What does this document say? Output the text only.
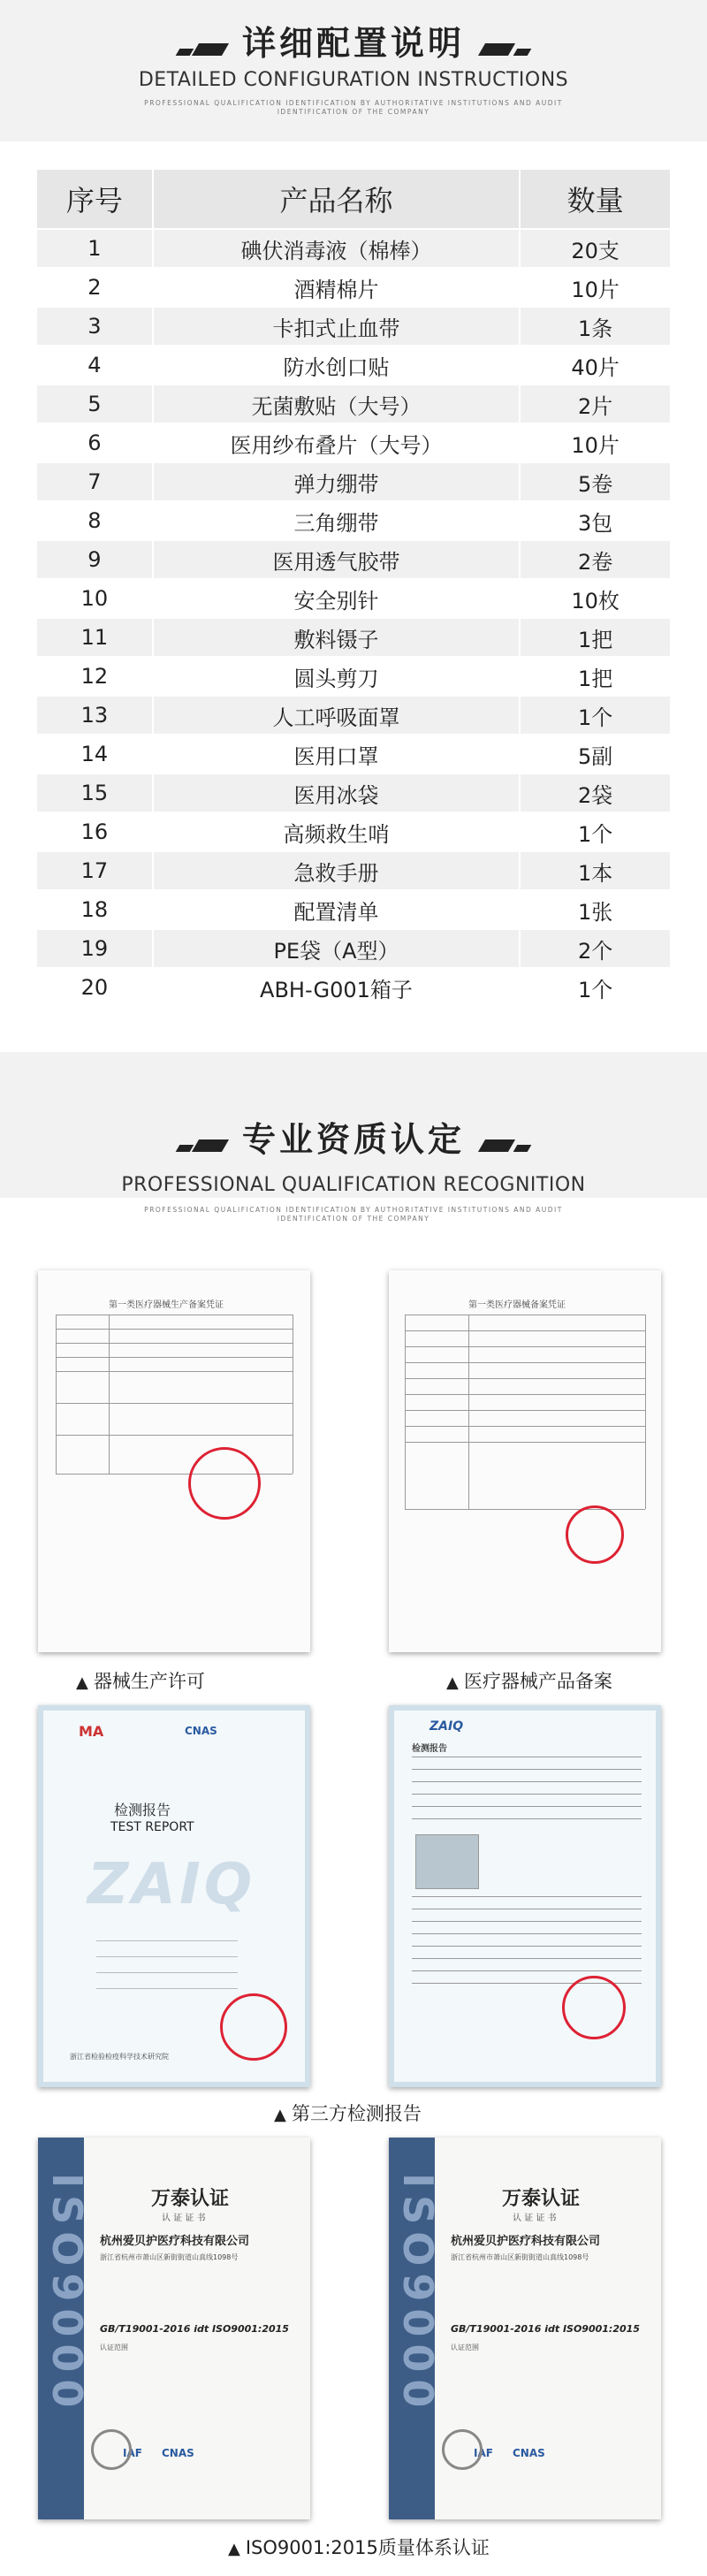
详细配置说明
DETAILED CONFIGURATION INSTRUCTIONS
PROFESSIONAL QUALIFICATION IDENTIFICATION BY AUTHORITATIVE INSTITUTIONS AND AUDIT
IDENTIFICATION OF THE COMPANY
序号	产品名称	数量
1	碘伏消毒液（棉棒）	20支
2	酒精棉片	10片
3	卡扣式止血带	1条
4	防水创口贴	40片
5	无菌敷贴（大号）	2片
6	医用纱布叠片（大号）	10片
7	弹力绷带	5卷
8	三角绷带	3包
9	医用透气胶带	2卷
10	安全别针	10枚
11	敷料镊子	1把
12	圆头剪刀	1把
13	人工呼吸面罩	1个
14	医用口罩	5副
15	医用冰袋	2袋
16	高频救生哨	1个
17	急救手册	1本
18	配置清单	1张
19	PE袋（A型）	2个
20	ABH-G001箱子	1个
专业资质认定
PROFESSIONAL QUALIFICATION RECOGNITION
PROFESSIONAL QUALIFICATION IDENTIFICATION BY AUTHORITATIVE INSTITUTIONS AND AUDIT
IDENTIFICATION OF THE COMPANY
第一类医疗器械生产备案凭证
▲ 器械生产许可
第一类医疗器械备案凭证
▲ 医疗器械产品备案
MA	CNAS
检测报告
TEST REPORT
ZAIQ
浙江省检验检疫科学技术研究院
ZAIQ
检测报告
▲ 第三方检测报告
ISO9000	万泰认证
认 证 证 书
杭州爱贝护医疗科技有限公司
浙江省杭州市萧山区新街街道山真线1098号
GB/T19001-2016 idt ISO9001:2015
认证范围
IAF CNAS
ISO9000	万泰认证
认 证 证 书
杭州爱贝护医疗科技有限公司
浙江省杭州市萧山区新街街道山真线1098号
GB/T19001-2016 idt ISO9001:2015
认证范围
IAF CNAS
▲ ISO9001:2015质量体系认证
